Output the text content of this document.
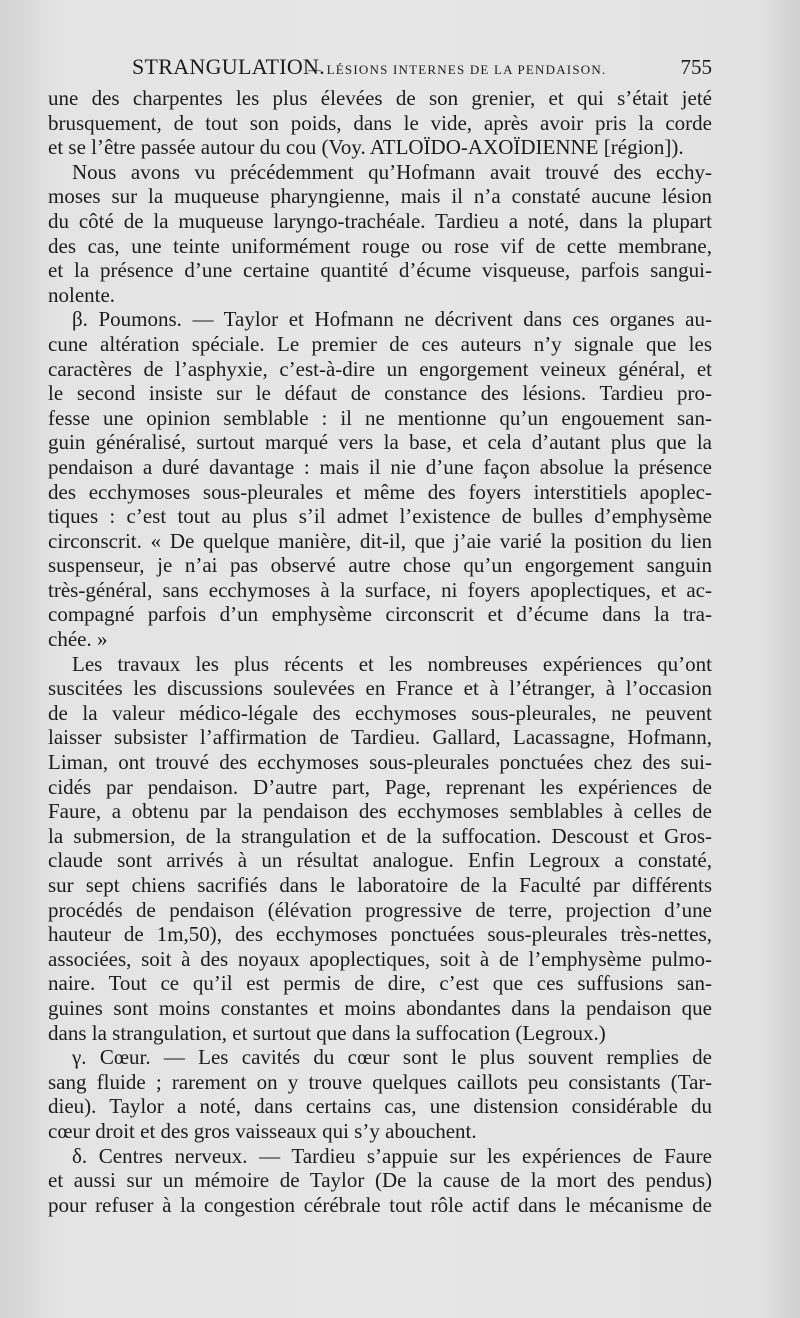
STRANGULATION.
— LÉSIONS INTERNES DE LA PENDAISON.	755
une des charpentes les plus élevées de son grenier, et qui s’était jeté
brusquement, de tout son poids, dans le vide, après avoir pris la corde
et se l’être passée autour du cou (Voy. ATLOÏDO-AXOÏDIENNE [région]).
Nous avons vu précédemment qu’Hofmann avait trouvé des ecchy-
moses sur la muqueuse pharyngienne, mais il n’a constaté aucune lésion
du côté de la muqueuse laryngo-trachéale. Tardieu a noté, dans la plupart
des cas, une teinte uniformément rouge ou rose vif de cette membrane,
et la présence d’une certaine quantité d’écume visqueuse, parfois sangui-
nolente.
β. Poumons. — Taylor et Hofmann ne décrivent dans ces organes au-
cune altération spéciale. Le premier de ces auteurs n’y signale que les
caractères de l’asphyxie, c’est-à-dire un engorgement veineux général, et
le second insiste sur le défaut de constance des lésions. Tardieu pro-
fesse une opinion semblable : il ne mentionne qu’un engouement san-
guin généralisé, surtout marqué vers la base, et cela d’autant plus que la
pendaison a duré davantage : mais il nie d’une façon absolue la présence
des ecchymoses sous-pleurales et même des foyers interstitiels apoplec-
tiques : c’est tout au plus s’il admet l’existence de bulles d’emphysème
circonscrit. « De quelque manière, dit-il, que j’aie varié la position du lien
suspenseur, je n’ai pas observé autre chose qu’un engorgement sanguin
très-général, sans ecchymoses à la surface, ni foyers apoplectiques, et ac-
compagné parfois d’un emphysème circonscrit et d’écume dans la tra-
chée. »
Les travaux les plus récents et les nombreuses expériences qu’ont
suscitées les discussions soulevées en France et à l’étranger, à l’occasion
de la valeur médico-légale des ecchymoses sous-pleurales, ne peuvent
laisser subsister l’affirmation de Tardieu. Gallard, Lacassagne, Hofmann,
Liman, ont trouvé des ecchymoses sous-pleurales ponctuées chez des sui-
cidés par pendaison. D’autre part, Page, reprenant les expériences de
Faure, a obtenu par la pendaison des ecchymoses semblables à celles de
la submersion, de la strangulation et de la suffocation. Descoust et Gros-
claude sont arrivés à un résultat analogue. Enfin Legroux a constaté,
sur sept chiens sacrifiés dans le laboratoire de la Faculté par différents
procédés de pendaison (élévation progressive de terre, projection d’une
hauteur de 1m,50), des ecchymoses ponctuées sous-pleurales très-nettes,
associées, soit à des noyaux apoplectiques, soit à de l’emphysème pulmo-
naire. Tout ce qu’il est permis de dire, c’est que ces suffusions san-
guines sont moins constantes et moins abondantes dans la pendaison que
dans la strangulation, et surtout que dans la suffocation (Legroux.)
γ. Cœur. — Les cavités du cœur sont le plus souvent remplies de
sang fluide ; rarement on y trouve quelques caillots peu consistants (Tar-
dieu). Taylor a noté, dans certains cas, une distension considérable du
cœur droit et des gros vaisseaux qui s’y abouchent.
δ. Centres nerveux. — Tardieu s’appuie sur les expériences de Faure
et aussi sur un mémoire de Taylor (De la cause de la mort des pendus)
pour refuser à la congestion cérébrale tout rôle actif dans le mécanisme de
